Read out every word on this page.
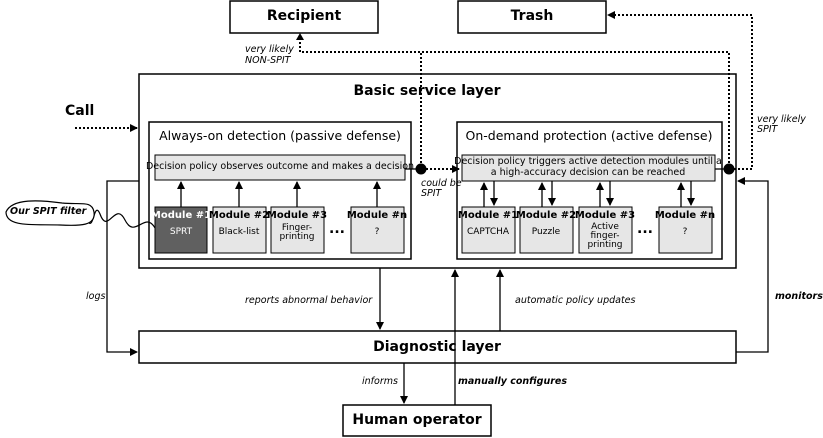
Recipient	Trash
Call
Our SPIT filter
Basic service layer
Always-on detection (passive defense)
Decision policy observes outcome and makes a decision
On-demand protection (active defense)
Decision policy triggers active detection modules until a
a high-accuracy decision can be reached
Module #1
SPRT
Module #2
Black-list
Module #3
Finger-
printing
Module #n
?
...
Module #1
CAPTCHA
Module #2
Puzzle
Module #3
Active
finger-
printing
Module #n
?
...
very likely
NON-SPIT
very likely
SPIT
could be
SPIT
logs	monitors
reports abnormal behavior	automatic policy updates
Diagnostic layer
informs	manually configures
Human operator
